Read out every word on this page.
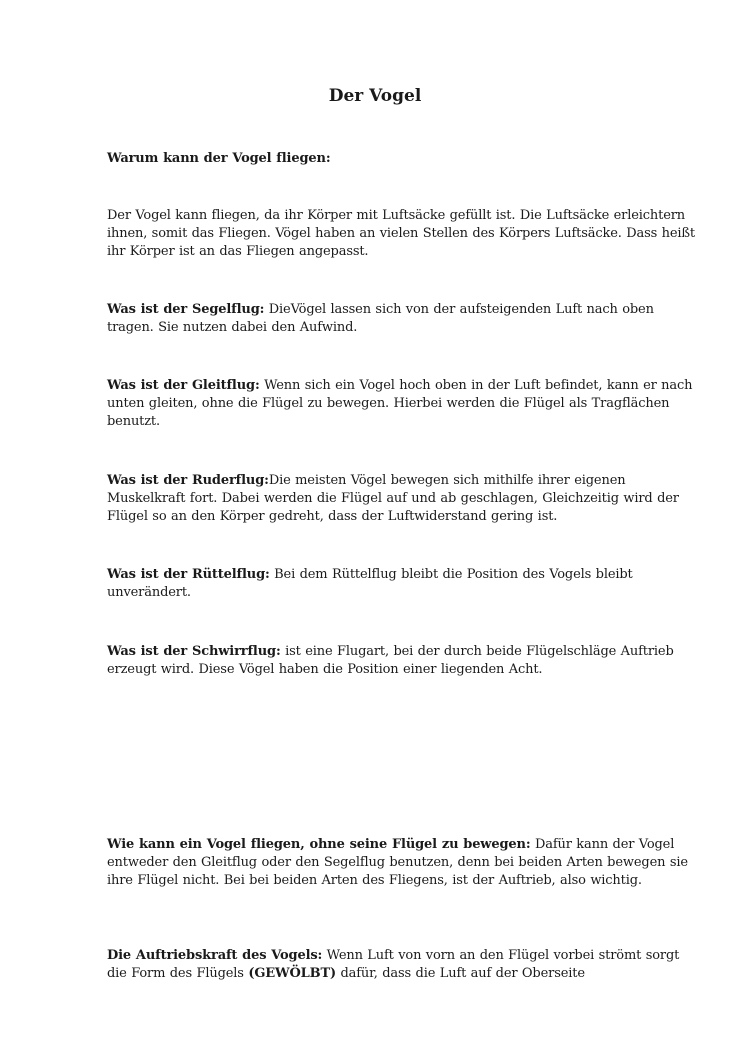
Der Vogel
Warum kann der Vogel fliegen:
Der Vogel kann fliegen, da ihr Körper mit Luftsäcke gefüllt ist. Die Luftsäcke erleichtern ihnen, somit das Fliegen. Vögel haben an vielen Stellen des Körpers Luftsäcke. Dass heißt ihr Körper ist an das Fliegen angepasst.
Was ist der Segelflug: DieVögel lassen sich von der aufsteigenden Luft nach oben tragen. Sie nutzen dabei den Aufwind.
Was ist der Gleitflug: Wenn sich ein Vogel hoch oben in der Luft befindet, kann er nach unten gleiten, ohne die Flügel zu bewegen. Hierbei werden die Flügel als Tragflächen benutzt.
Was ist der Ruderflug:Die meisten Vögel bewegen sich mithilfe ihrer eigenen Muskelkraft fort. Dabei werden die Flügel auf und ab geschlagen, Gleichzeitig wird der Flügel so an den Körper gedreht, dass der Luftwiderstand gering ist.
Was ist der Rüttelflug: Bei dem Rüttelflug bleibt die Position des Vogels bleibt unverändert.
Was ist der Schwirrflug: ist eine Flugart, bei der durch beide Flügelschläge Auftrieb erzeugt wird. Diese Vögel haben die Position einer liegenden Acht.
Wie kann ein Vogel fliegen, ohne seine Flügel zu bewegen: Dafür kann der Vogel entweder den Gleitflug oder den Segelflug benutzen, denn bei beiden Arten bewegen sie ihre Flügel nicht. Bei bei beiden Arten des Fliegens, ist der Auftrieb, also wichtig.
Die Auftriebskraft des Vogels: Wenn Luft von vorn an den Flügel vorbei strömt sorgt die Form des Flügels (GEWÖLBT) dafür, dass die Luft auf der Oberseite
